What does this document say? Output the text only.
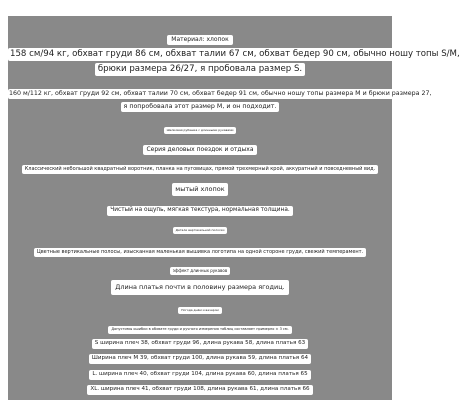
Материал: хлопок
158 см/94 кг, обхват груди 86 см, обхват талии 67 см, обхват бедер 90 см, обычно ношу топы S/M,
брюки размера 26/27, я пробовала размер S.
160 м/112 кг, обхват груди 92 см, обхват талии 70 см, обхват бедер 91 см, обычно ношу топы размера M и брюки размера 27,
я попробовала этот размер M, и он подходит.
Шелковая рубашка с длинными рукавами
Серия деловых поездок и отдыха
Классический небольшой квадратный воротник, планка на пуговицах, прямой трехмерный крой, аккуратный и повседневный вид.
мытый хлопок
Чистый на ощупь, мягкая текстура, нормальная толщина.
Детали вертикальной полоски
Цветные вертикальные полосы, изысканная маленькая вышивка логотипа на одной стороне груди, свежий темперамент.
эффект длинных рукавов
Длина платья почти в половину размера ягодиц.
Погода днём и вечером
Допустимы ошибки в обхвате груди и ручного измерения таблиц составляет примерно ± 3 см.
S ширина плеч 38, обхват груди 96, длина рукава 58, длина платья 63
Ширина плеч M 39, обхват груди 100, длина рукава 59, длина платья 64
L. ширина плеч 40, обхват груди 104, длина рукава 60, длина платья 65
XL. ширина плеч 41, обхват груди 108, длина рукава 61, длина платья 66
